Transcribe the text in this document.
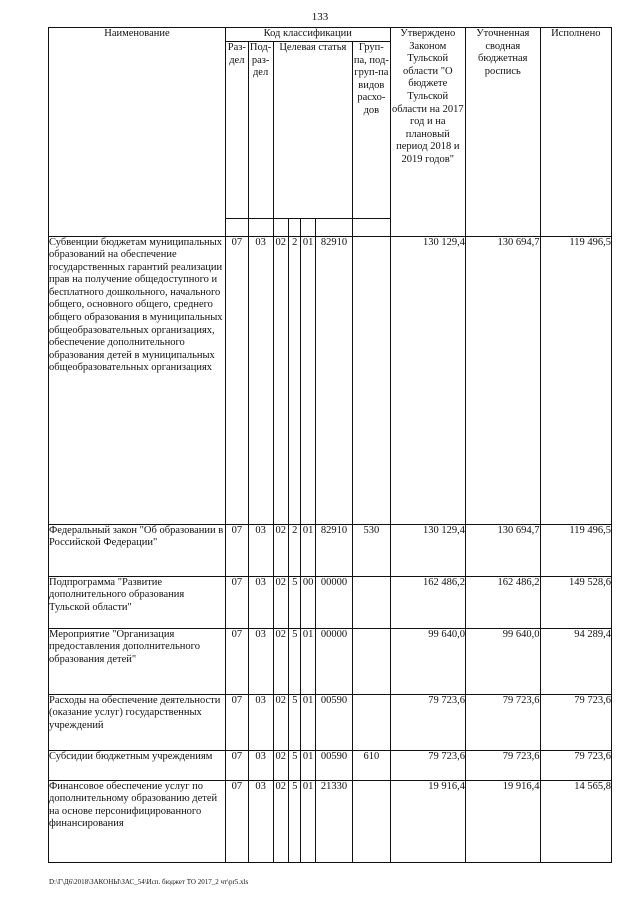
133
Наименование	Код классификации							Утверждено Законом Тульской области "О бюджете Тульской области на 2017 год и на плановый период 2018 и 2019 годов"	Уточненная сводная бюджетная роспись	Исполнено
	Раз-дел	Под-раз-дел	Целевая статья				Груп-па, под-груп-па видов расхо-дов			

Субвенции бюджетам муниципальных образований на обеспечение государственных гарантий реализации прав на получение общедоступного и бесплатного дошкольного, начального общего, основного общего, среднего общего образования в муниципальных общеобразовательных организациях, обеспечение дополнительного образования детей в муниципальных общеобразовательных организациях	07	03	02	2	01	82910		130 129,4	130 694,7	119 496,5
Федеральный закон "Об образовании в Российской Федерации"	07	03	02	2	01	82910	530	130 129,4	130 694,7	119 496,5
Подпрограмма "Развитие дополнительного образования Тульской области"	07	03	02	5	00	00000		162 486,2	162 486,2	149 528,6
Мероприятие "Организация предоставления дополнительного образования детей"	07	03	02	5	01	00000		99 640,0	99 640,0	94 289,4
Расходы на обеспечение деятельности (оказание услуг) государственных учреждений	07	03	02	5	01	00590		79 723,6	79 723,6	79 723,6
Субсидии бюджетным учреждениям	07	03	02	5	01	00590	610	79 723,6	79 723,6	79 723,6
Финансовое обеспечение услуг по дополнительному образованию детей на основе персонифицированного финансирования	07	03	02	5	01	21330		19 916,4	19 916,4	14 565,8
D:\Г\Д6\2018\ЗАКОНЫ\ЗАС_54\Исп. бюджет ТО 2017_2 чт\pr5.xls
